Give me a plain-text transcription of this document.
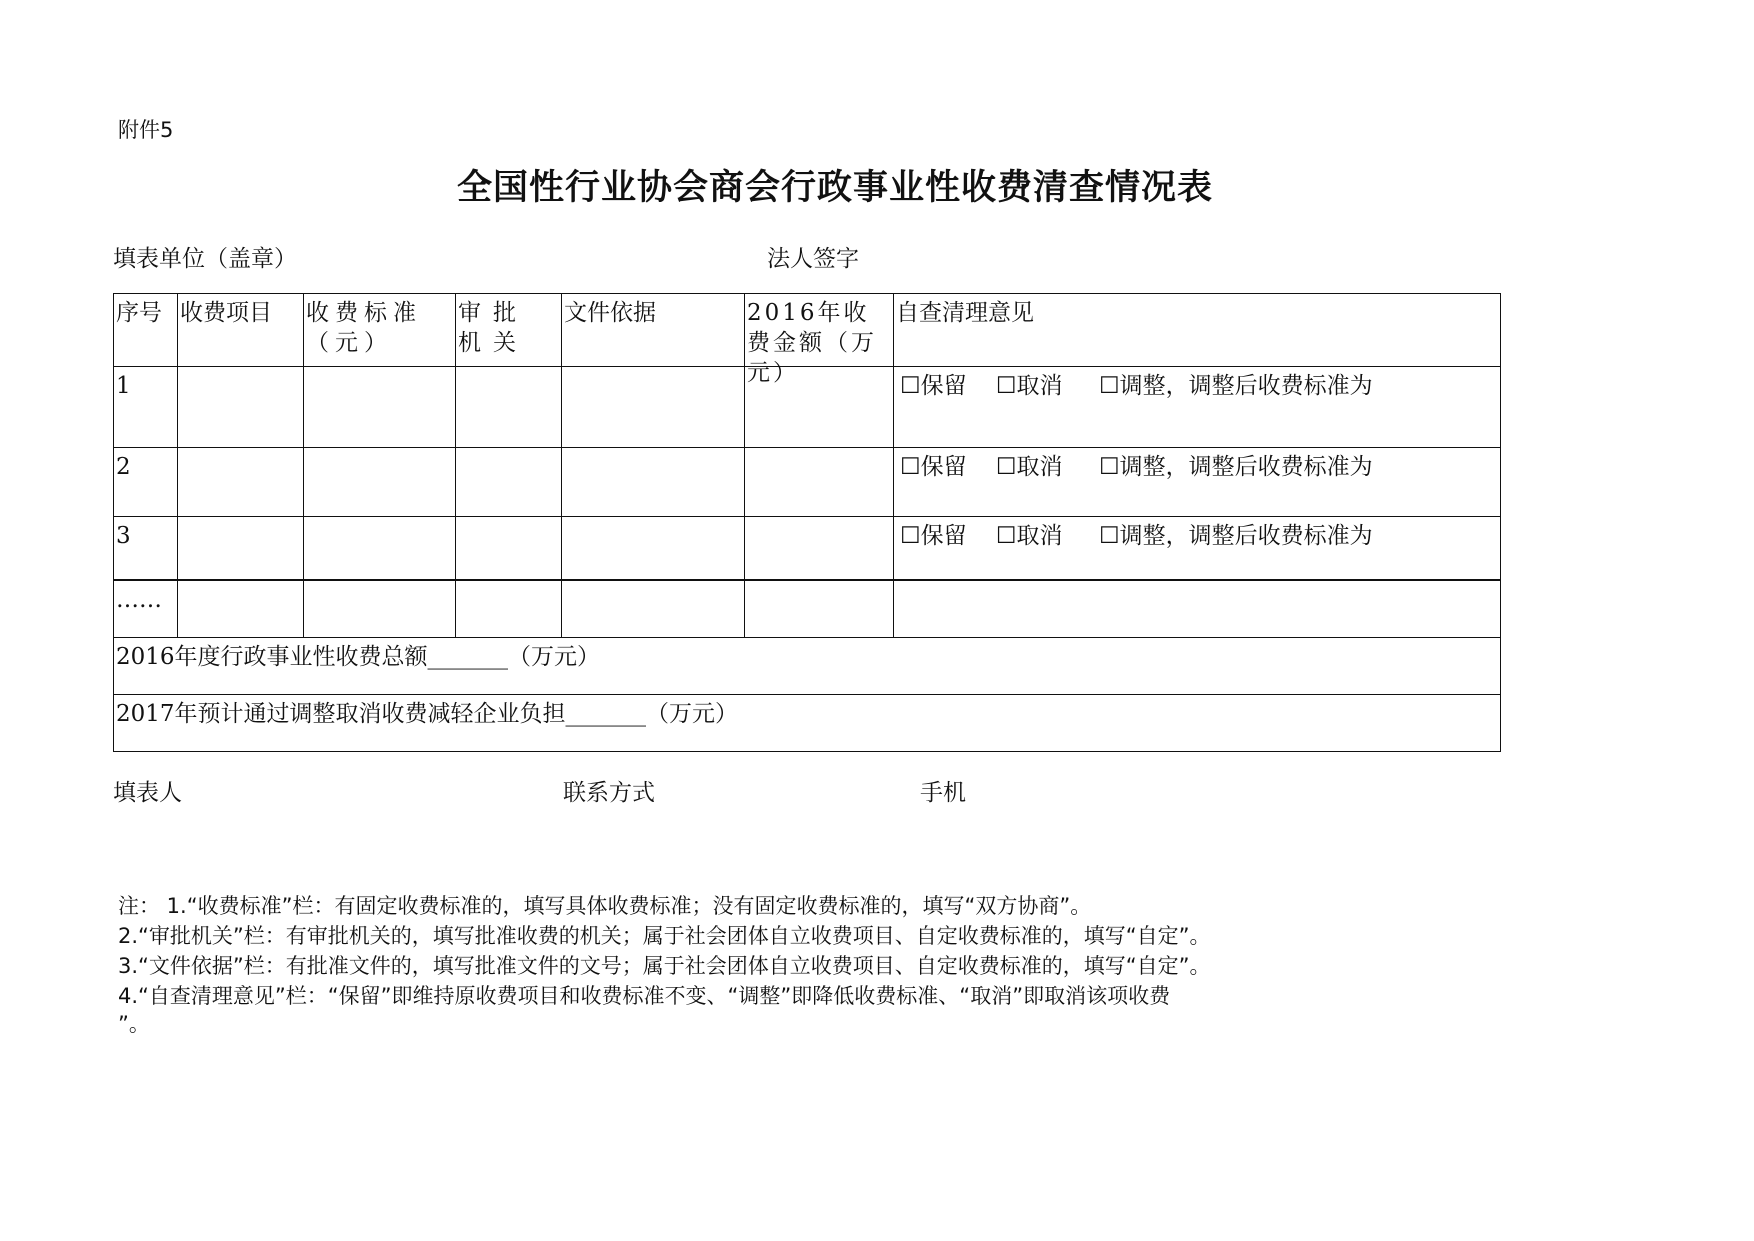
附件5
全国性行业协会商会行政事业性收费清查情况表
填表单位（盖章）	法人签字
序号	收费项目	收费标准（元）	审批机关	文件依据	2016年收费金额（万元）	自查清理意见
1						☐保留    ☐取消     ☐调整，调整后收费标准为
2						☐保留    ☐取消     ☐调整，调整后收费标准为
3						☐保留    ☐取消     ☐调整，调整后收费标准为
……						
2016年度行政事业性收费总额_______（万元）						
2017年预计通过调整取消收费减轻企业负担_______（万元）						
填表人	联系方式	手机
注： 1.“收费标准”栏：有固定收费标准的，填写具体收费标准；没有固定收费标准的，填写“双方协商”。
2.“审批机关”栏：有审批机关的，填写批准收费的机关；属于社会团体自立收费项目、自定收费标准的，填写“自定”。
3.“文件依据”栏：有批准文件的，填写批准文件的文号；属于社会团体自立收费项目、自定收费标准的，填写“自定”。
4.“自查清理意见”栏：“保留”即维持原收费项目和收费标准不变、“调整”即降低收费标准、“取消”即取消该项收费
”。
